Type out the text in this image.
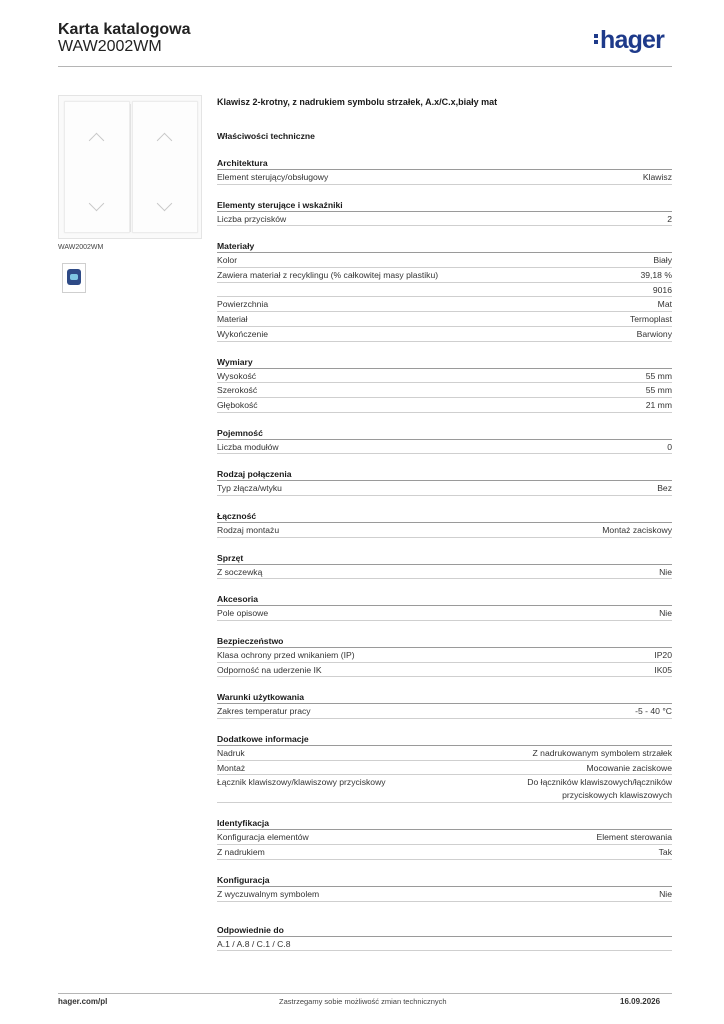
Karta katalogowa
WAW2002WM	hager
WAW2002WM
Klawisz 2-krotny, z nadrukiem symbolu strzałek, A.x/C.x,biały mat
Właściwości techniczne
Architektura
Element sterujący/obsługowy	Klawisz
Elementy sterujące i wskaźniki
Liczba przycisków	2
Materiały
Kolor	Biały
Zawiera materiał z recyklingu (% całkowitej masy plastiku)	39,18 %
9016
Powierzchnia	Mat
Materiał	Termoplast
Wykończenie	Barwiony
Wymiary
Wysokość	55 mm
Szerokość	55 mm
Głębokość	21 mm
Pojemność
Liczba modułów	0
Rodzaj połączenia
Typ złącza/wtyku	Bez
Łączność
Rodzaj montażu	Montaż zaciskowy
Sprzęt
Z soczewką	Nie
Akcesoria
Pole opisowe	Nie
Bezpieczeństwo
Klasa ochrony przed wnikaniem (IP)	IP20
Odporność na uderzenie IK	IK05
Warunki użytkowania
Zakres temperatur pracy	-5 - 40 °C
Dodatkowe informacje
Nadruk	Z nadrukowanym symbolem strzałek
Montaż	Mocowanie zaciskowe
Łącznik klawiszowy/klawiszowy przyciskowy	Do łączników klawiszowych/łączników przyciskowych klawiszowych
Identyfikacja
Konfiguracja elementów	Element sterowania
Z nadrukiem	Tak
Konfiguracja
Z wyczuwalnym symbolem	Nie
Odpowiednie do
A.1 / A.8 / C.1 / C.8
hager.com/pl	Zastrzegamy sobie możliwość zmian technicznych	16.09.2026
